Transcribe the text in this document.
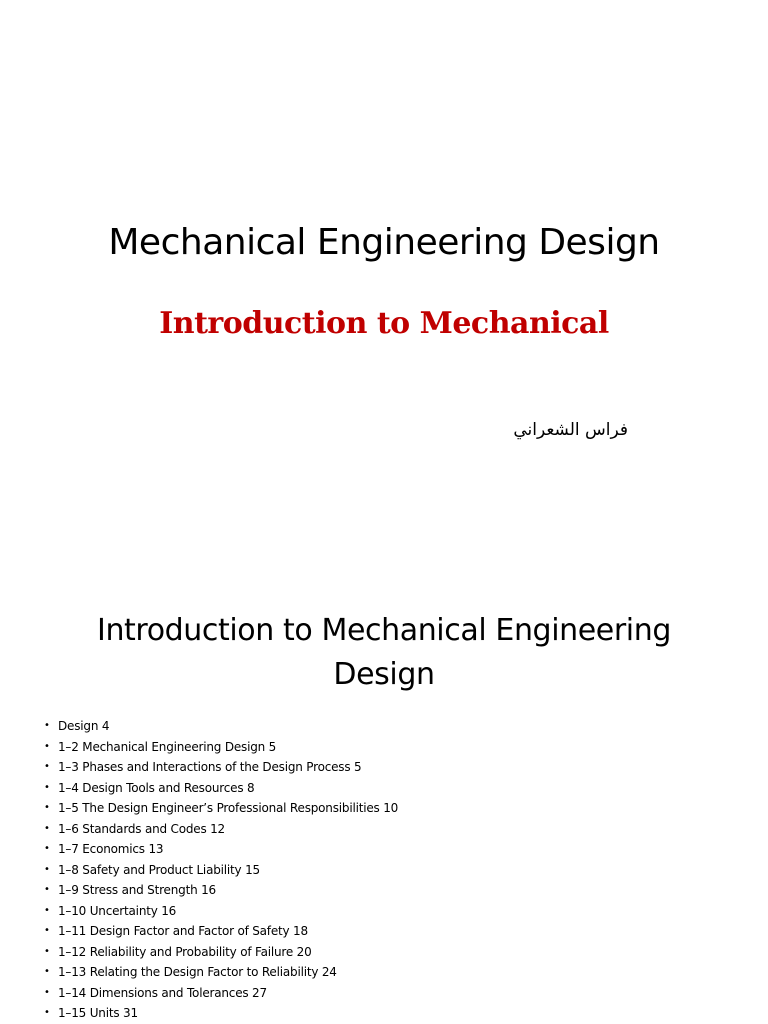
Mechanical Engineering Design
Introduction to Mechanical
فراس الشعراني
Introduction to Mechanical Engineering
Design
• Design 4
• 1–2 Mechanical Engineering Design 5
• 1–3 Phases and Interactions of the Design Process 5
• 1–4 Design Tools and Resources 8
• 1–5 The Design Engineer’s Professional Responsibilities 10
• 1–6 Standards and Codes 12
• 1–7 Economics 13
• 1–8 Safety and Product Liability 15
• 1–9 Stress and Strength 16
• 1–10 Uncertainty 16
• 1–11 Design Factor and Factor of Safety 18
• 1–12 Reliability and Probability of Failure 20
• 1–13 Relating the Design Factor to Reliability 24
• 1–14 Dimensions and Tolerances 27
• 1–15 Units 31
